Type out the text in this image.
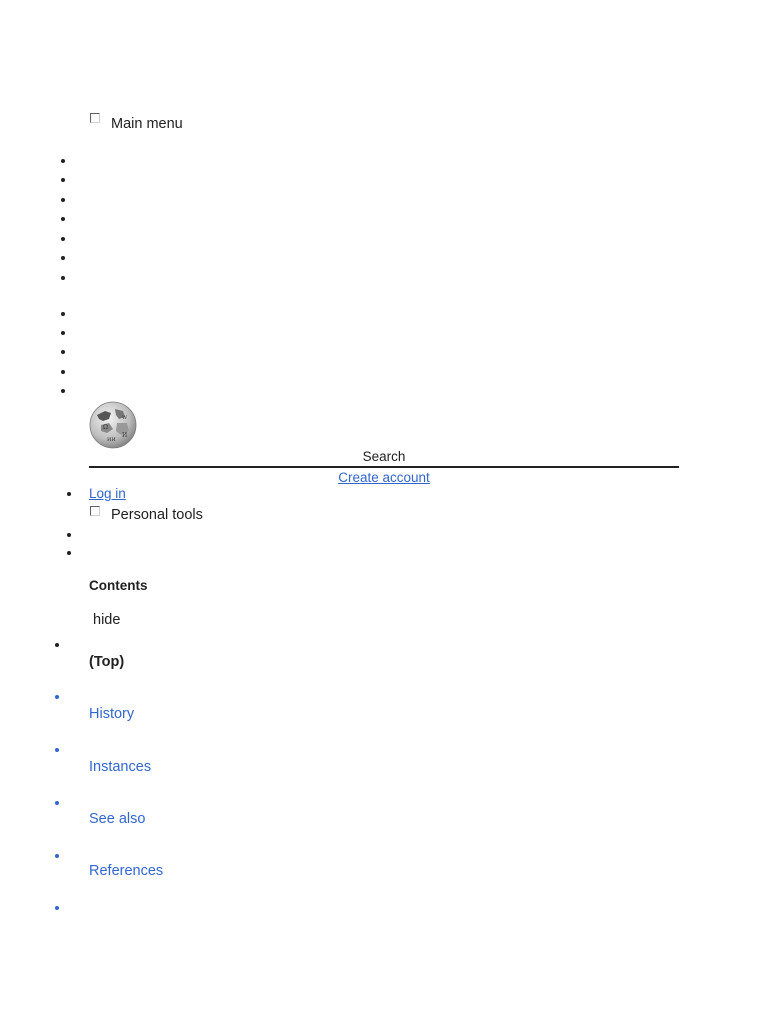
Main menu
Ω
W
ИИ
И
Search
Create account
Log in
Personal tools
Contents
hide
(Top)
History
Instances
See also
References
